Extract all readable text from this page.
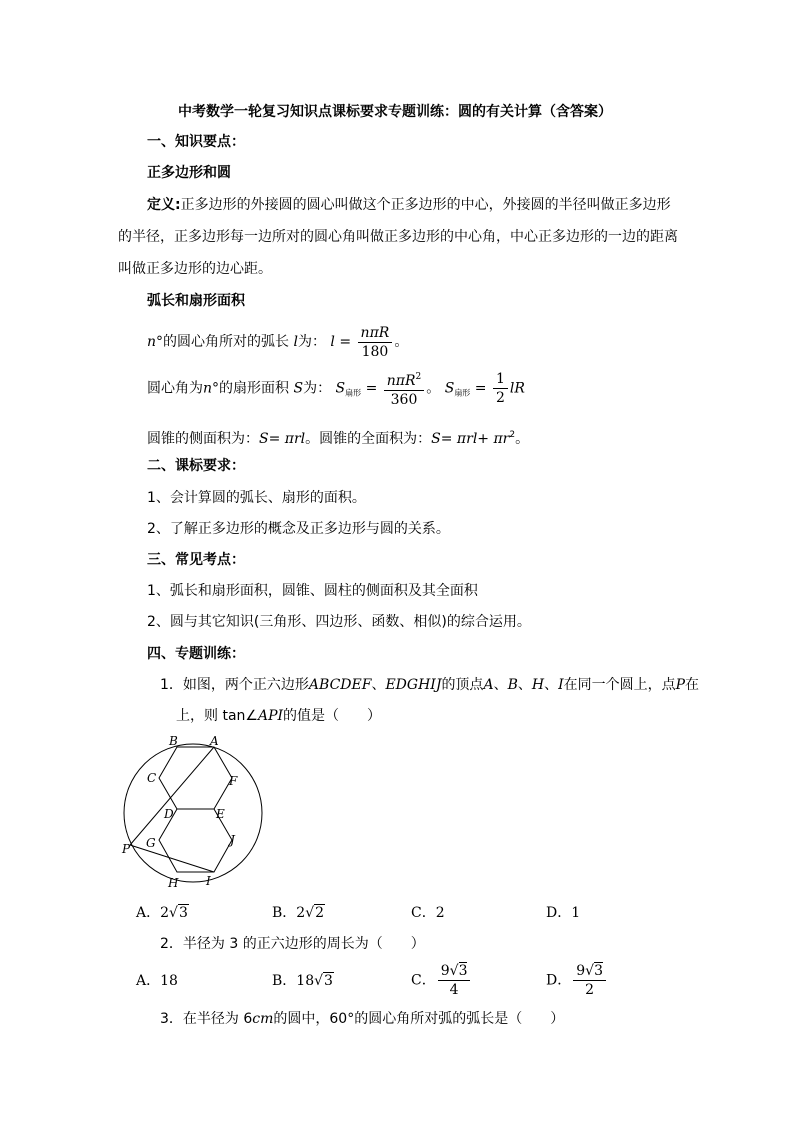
中考数学一轮复习知识点课标要求专题训练：圆的有关计算（含答案）
一、知识要点：
正多边形和圆
定义:正多边形的外接圆的圆心叫做这个正多边形的中心，外接圆的半径叫做正多边形
的半径，正多边形每一边所对的圆心角叫做正多边形的中心角，中心正多边形的一边的距离
叫做正多边形的边心距。
弧长和扇形面积
n°的圆心角所对的弧长 l为： $l = \frac{\text{nπR}}{180}$ 。
圆心角为n°的扇形面积 S为： $S_{扇形} = \frac{n\pi R^2}{360}$ 。 $S_{扇形} = \frac{1}{2}$ lR
圆锥的侧面积为：S= πrl。圆锥的全面积为：$S= \pi rl+ \pi r^2$。
二、课标要求：
1、会计算圆的弧长、扇形的面积。
2、了解正多边形的概念及正多边形与圆的关系。
三、常见考点：
1、弧长和扇形面积，圆锥、圆柱的侧面积及其全面积
2、圆与其它知识(三角形、四边形、函数、相似)的综合运用。
四、专题训练：
1．如图，两个正六边形ABCDEF、EDGHIJ的顶点A、B、H、I在同一个圆上，点P在
上，则 tan∠API的值是（　　）
B	A
C	F
D	E
G	J
P
H I
A．2√3	B．2√2	C．2	D．1
2．半径为 3 的正六边形的周长为（　　）
A．18	B．18√3	C． $\frac{9√3}{4}$	D． $\frac{9√3}{2}$
3．在半径为 6cm的圆中，60°的圆心角所对弧的弧长是（　　）
